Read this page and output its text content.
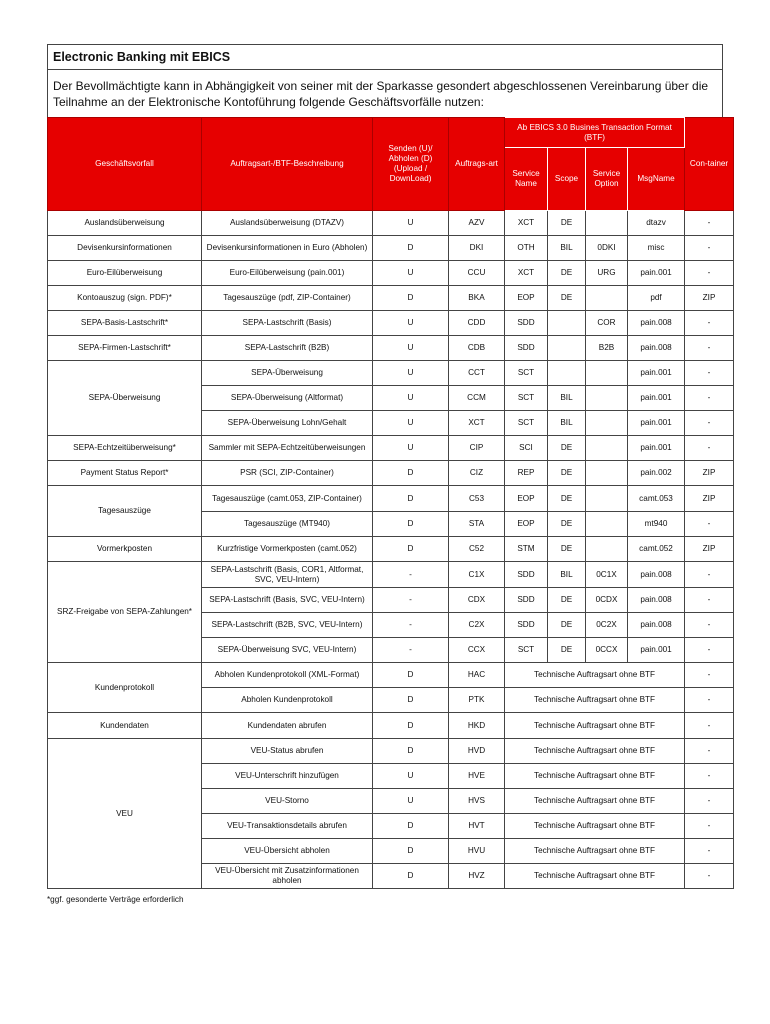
Electronic Banking mit EBICS
Der Bevollmächtigte kann in Abhängigkeit von seiner mit der Sparkasse gesondert abgeschlossenen Vereinbarung über die Teilnahme an der Elektronische Kontoführung folgende Geschäftsvorfälle nutzen:
Geschäftsvorfall	Auftragsart-/BTF-Beschreibung	Senden (U)/ Abholen (D) (Upload / DownLoad)	Auftrags-art	Ab EBICS 3.0 Busines Transaction Format (BTF)				Con-tainer
				Service Name	Scope	Service Option	MsgName	
Auslandsüberweisung	Auslandsüberweisung (DTAZV)	U	AZV	XCT	DE		dtazv	-
Devisenkursinformationen	Devisenkursinformationen in Euro (Abholen)	D	DKI	OTH	BIL	0DKI	misc	-
Euro-Eilüberweisung	Euro-Eilüberweisung (pain.001)	U	CCU	XCT	DE	URG	pain.001	-
Kontoauszug (sign. PDF)*	Tagesauszüge (pdf, ZIP-Container)	D	BKA	EOP	DE		pdf	ZIP
SEPA-Basis-Lastschrift*	SEPA-Lastschrift (Basis)	U	CDD	SDD		COR	pain.008	-
SEPA-Firmen-Lastschrift*	SEPA-Lastschrift (B2B)	U	CDB	SDD		B2B	pain.008	-
SEPA-Überweisung	SEPA-Überweisung	U	CCT	SCT			pain.001	-
	SEPA-Überweisung (Altformat)	U	CCM	SCT	BIL		pain.001	-
	SEPA-Überweisung Lohn/Gehalt	U	XCT	SCT	BIL		pain.001	-
SEPA-Echtzeitüberweisung*	Sammler mit SEPA-Echtzeitüberweisungen	U	CIP	SCI	DE		pain.001	-
Payment Status Report*	PSR (SCI, ZIP-Container)	D	CIZ	REP	DE		pain.002	ZIP
Tagesauszüge	Tagesauszüge (camt.053, ZIP-Container)	D	C53	EOP	DE		camt.053	ZIP
	Tagesauszüge (MT940)	D	STA	EOP	DE		mt940	-
Vormerkposten	Kurzfristige Vormerkposten (camt.052)	D	C52	STM	DE		camt.052	ZIP
SRZ-Freigabe von SEPA-Zahlungen*	SEPA-Lastschrift (Basis, COR1, Altformat, SVC, VEU-Intern)	-	C1X	SDD	BIL	0C1X	pain.008	-
	SEPA-Lastschrift (Basis, SVC, VEU-Intern)	-	CDX	SDD	DE	0CDX	pain.008	-
	SEPA-Lastschrift (B2B, SVC, VEU-Intern)	-	C2X	SDD	DE	0C2X	pain.008	-
	SEPA-Überweisung SVC, VEU-Intern)	-	CCX	SCT	DE	0CCX	pain.001	-
Kundenprotokoll	Abholen Kundenprotokoll (XML-Format)	D	HAC	Technische Auftragsart ohne BTF				-
	Abholen Kundenprotokoll	D	PTK	Technische Auftragsart ohne BTF				-
Kundendaten	Kundendaten abrufen	D	HKD	Technische Auftragsart ohne BTF				-
VEU	VEU-Status abrufen	D	HVD	Technische Auftragsart ohne BTF				-
	VEU-Unterschrift hinzufügen	U	HVE	Technische Auftragsart ohne BTF				-
	VEU-Storno	U	HVS	Technische Auftragsart ohne BTF				-
	VEU-Transaktionsdetails abrufen	D	HVT	Technische Auftragsart ohne BTF				-
	VEU-Übersicht abholen	D	HVU	Technische Auftragsart ohne BTF				-
	VEU-Übersicht mit Zusatzinformationen abholen	D	HVZ	Technische Auftragsart ohne BTF				-
*ggf. gesonderte Verträge erforderlich
